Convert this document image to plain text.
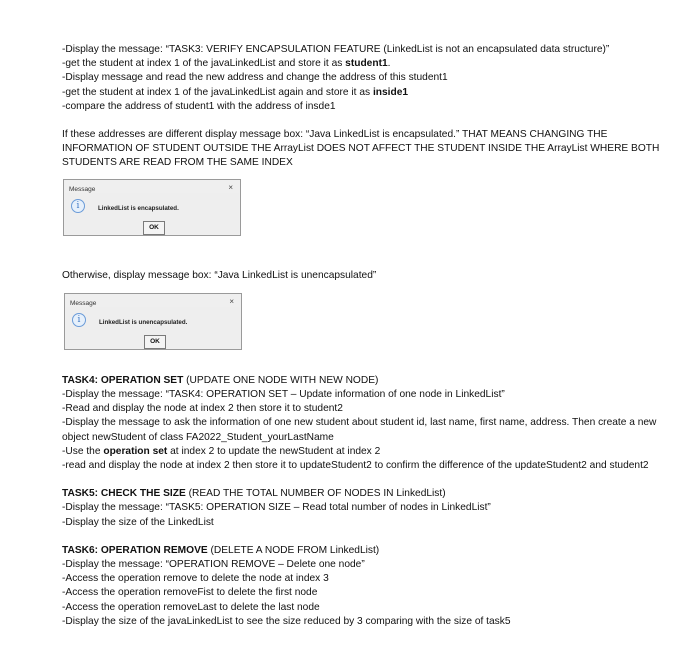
-Display the message: “TASK3: VERIFY ENCAPSULATION FEATURE (LinkedList is not an encapsulated data structure)”
-get the student at index 1 of the javaLinkedList and store it as student1.
-Display message and read the new address and change the address of this student1
-get the student at index 1 of the javaLinkedList again and store it as inside1
-compare the address of student1 with the address of insde1
If these addresses are different display message box: “Java LinkedList is encapsulated.” THAT MEANS CHANGING THE INFORMATION OF STUDENT OUTSIDE THE ArrayList DOES NOT AFFECT THE STUDENT INSIDE THE ArrayList WHERE BOTH STUDENTS ARE READ FROM THE SAME INDEX
Message	×
i	LinkedList is encapsulated.
OK
Otherwise, display message box: “Java LinkedList is unencapsulated”
Message	×
i	LinkedList is unencapsulated.
OK
TASK4: OPERATION SET (UPDATE ONE NODE WITH NEW NODE)
-Display the message: “TASK4: OPERATION SET – Update information of one node in LinkedList”
-Read and display the node at index 2 then store it to student2
-Display the message to ask the information of one new student about student id, last name, first name, address. Then create a new object newStudent of class FA2022_Student_yourLastName
-Use the operation set at index 2 to update the newStudent at index 2
-read and display the node at index 2 then store it to updateStudent2 to confirm the difference of the updateStudent2 and student2
TASK5: CHECK THE SIZE (READ THE TOTAL NUMBER OF NODES IN LinkedList)
-Display the message: “TASK5: OPERATION SIZE – Read total number of nodes in LinkedList”
-Display the size of the LinkedList
TASK6: OPERATION REMOVE (DELETE A NODE FROM LinkedList)
-Display the message: “OPERATION REMOVE – Delete one node”
-Access the operation remove to delete the node at index 3
-Access the operation removeFist to delete the first node
-Access the operation removeLast to delete the last node
-Display the size of the javaLinkedList to see the size reduced by 3 comparing with the size of task5
